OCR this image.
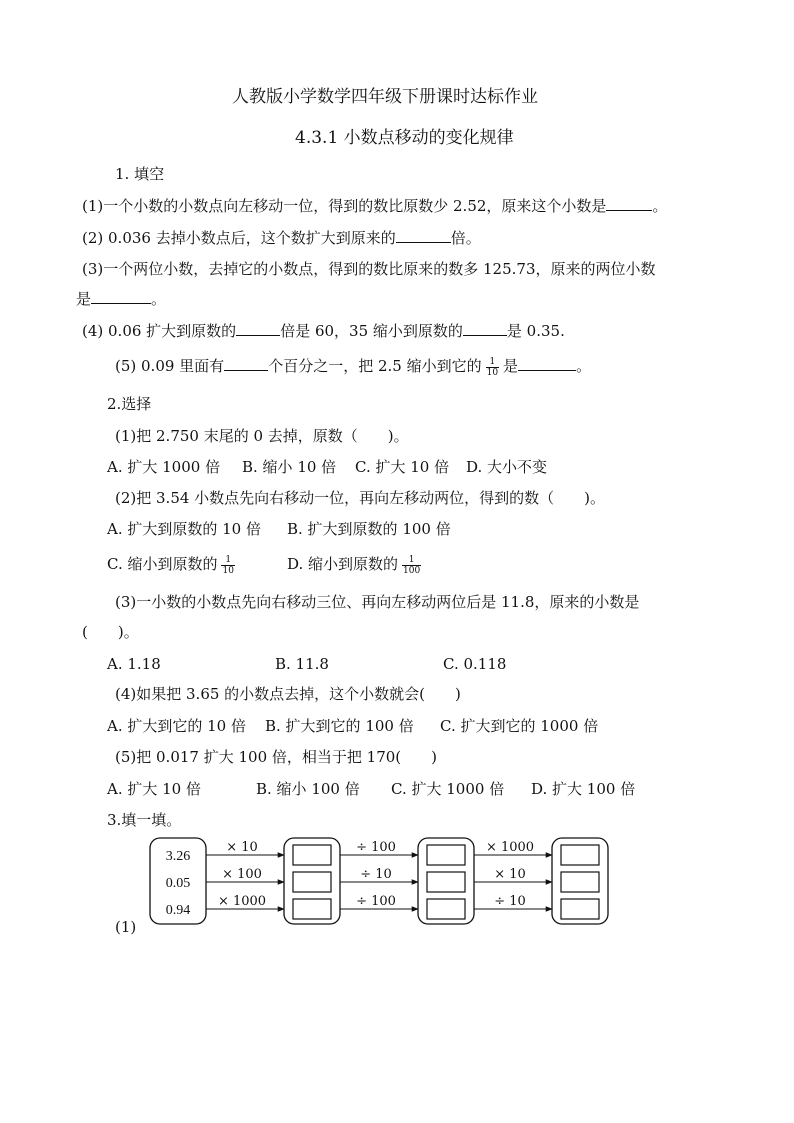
人教版小学数学四年级下册课时达标作业
4.3.1 小数点移动的变化规律
1. 填空
(1)一个小数的小数点向左移动一位，得到的数比原数少 2.52，原来这个小数是	。
(2) 0.036 去掉小数点后，这个数扩大到原来的	倍。
(3)一个两位小数，去掉它的小数点，得到的数比原来的数多 125.73，原来的两位小数
是	。
(4) 0.06 扩大到原数的	倍是 60，35 缩小到原数的	是 0.35.
(5) 0.09 里面有	个百分之一，把 2.5 缩小到它的 $\frac{1}{10}$ 是	。
2.选择
(1)把 2.750 末尾的 0 去掉，原数（　　)。
A. 扩大 1000 倍 B. 缩小 10 倍 C. 扩大 10 倍 D. 大小不变
(2)把 3.54 小数点先向右移动一位，再向左移动两位，得到的数（　　)。
A. 扩大到原数的 10 倍 B. 扩大到原数的 100 倍
C. 缩小到原数的 $\frac{1}{10}$	D. 缩小到原数的 $\frac{1}{100}$
(3)一小数的小数点先向右移动三位、再向左移动两位后是 11.8，原来的小数是
(　　)。
A. 1.18	B. 11.8	C. 0.118
(4)如果把 3.65 的小数点去掉，这个小数就会(　　)
A. 扩大到它的 10 倍 B. 扩大到它的 100 倍 C. 扩大到它的 1000 倍
(5)把 0.017 扩大 100 倍，相当于把 170(　　)
A. 扩大 10 倍	B. 缩小 100 倍 C. 扩大 1000 倍 D. 扩大 100 倍
3.填一填。
(1)
3.26
0.05
0.94
× 10
× 100
× 1000
÷ 100
÷ 10
÷ 100
× 1000
× 10
÷ 10
